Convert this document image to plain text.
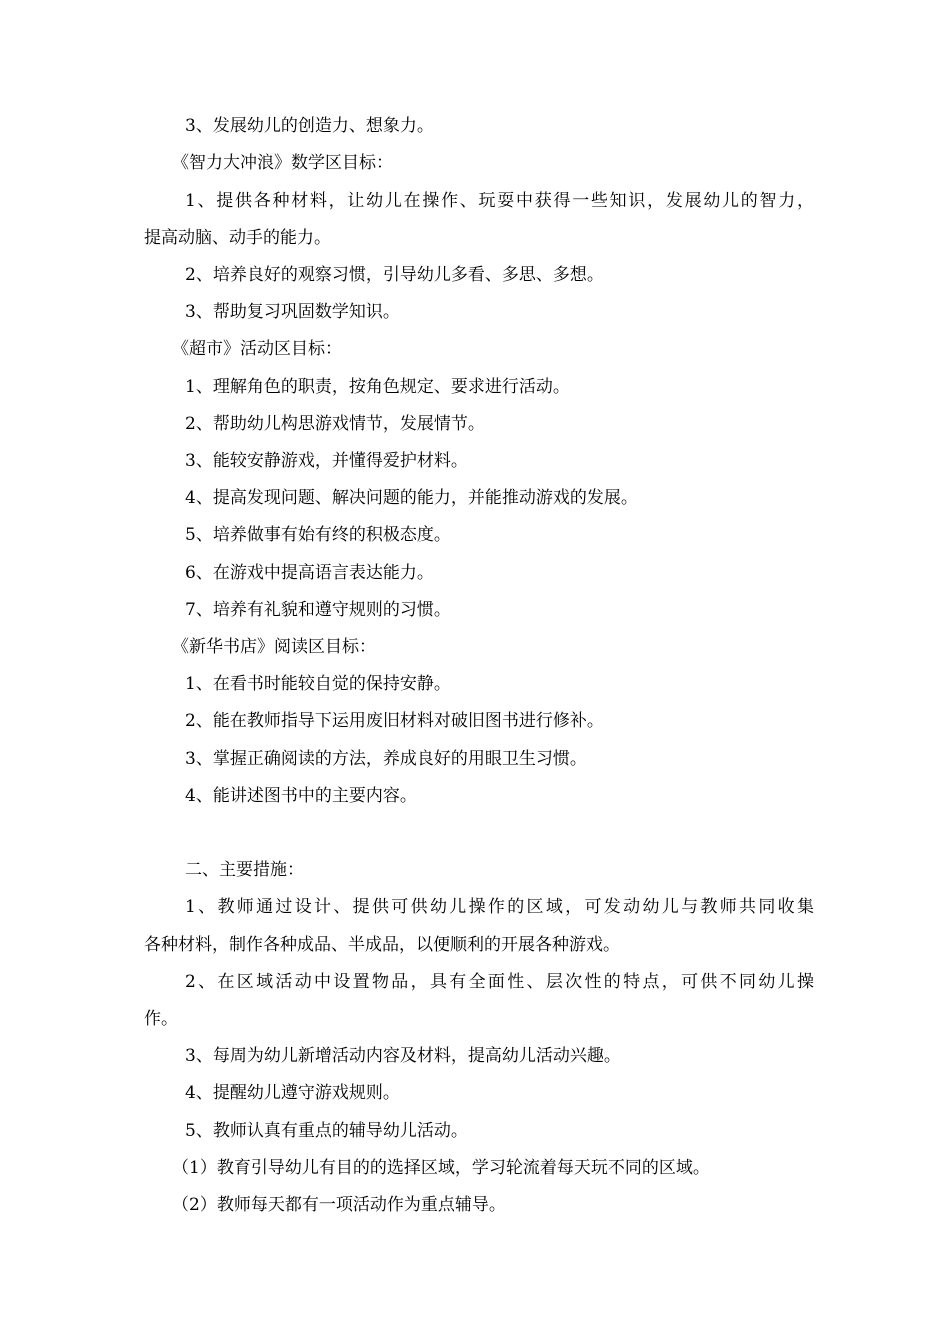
3、发展幼儿的创造力、想象力。
《智力大冲浪》数学区目标：
1、提供各种材料，让幼儿在操作、玩耍中获得一些知识，发展幼儿的智力，
提高动脑、动手的能力。
2、培养良好的观察习惯，引导幼儿多看、多思、多想。
3、帮助复习巩固数学知识。
《超市》活动区目标：
1、理解角色的职责，按角色规定、要求进行活动。
2、帮助幼儿构思游戏情节，发展情节。
3、能较安静游戏，并懂得爱护材料。
4、提高发现问题、解决问题的能力，并能推动游戏的发展。
5、培养做事有始有终的积极态度。
6、在游戏中提高语言表达能力。
7、培养有礼貌和遵守规则的习惯。
《新华书店》阅读区目标：
1、在看书时能较自觉的保持安静。
2、能在教师指导下运用废旧材料对破旧图书进行修补。
3、掌握正确阅读的方法，养成良好的用眼卫生习惯。
4、能讲述图书中的主要内容。
二、主要措施：
1、教师通过设计、提供可供幼儿操作的区域，可发动幼儿与教师共同收集
各种材料，制作各种成品、半成品，以便顺利的开展各种游戏。
2、在区域活动中设置物品，具有全面性、层次性的特点，可供不同幼儿操
作。
3、每周为幼儿新增活动内容及材料，提高幼儿活动兴趣。
4、提醒幼儿遵守游戏规则。
5、教师认真有重点的辅导幼儿活动。
（1）教育引导幼儿有目的的选择区域，学习轮流着每天玩不同的区域。
（2）教师每天都有一项活动作为重点辅导。
